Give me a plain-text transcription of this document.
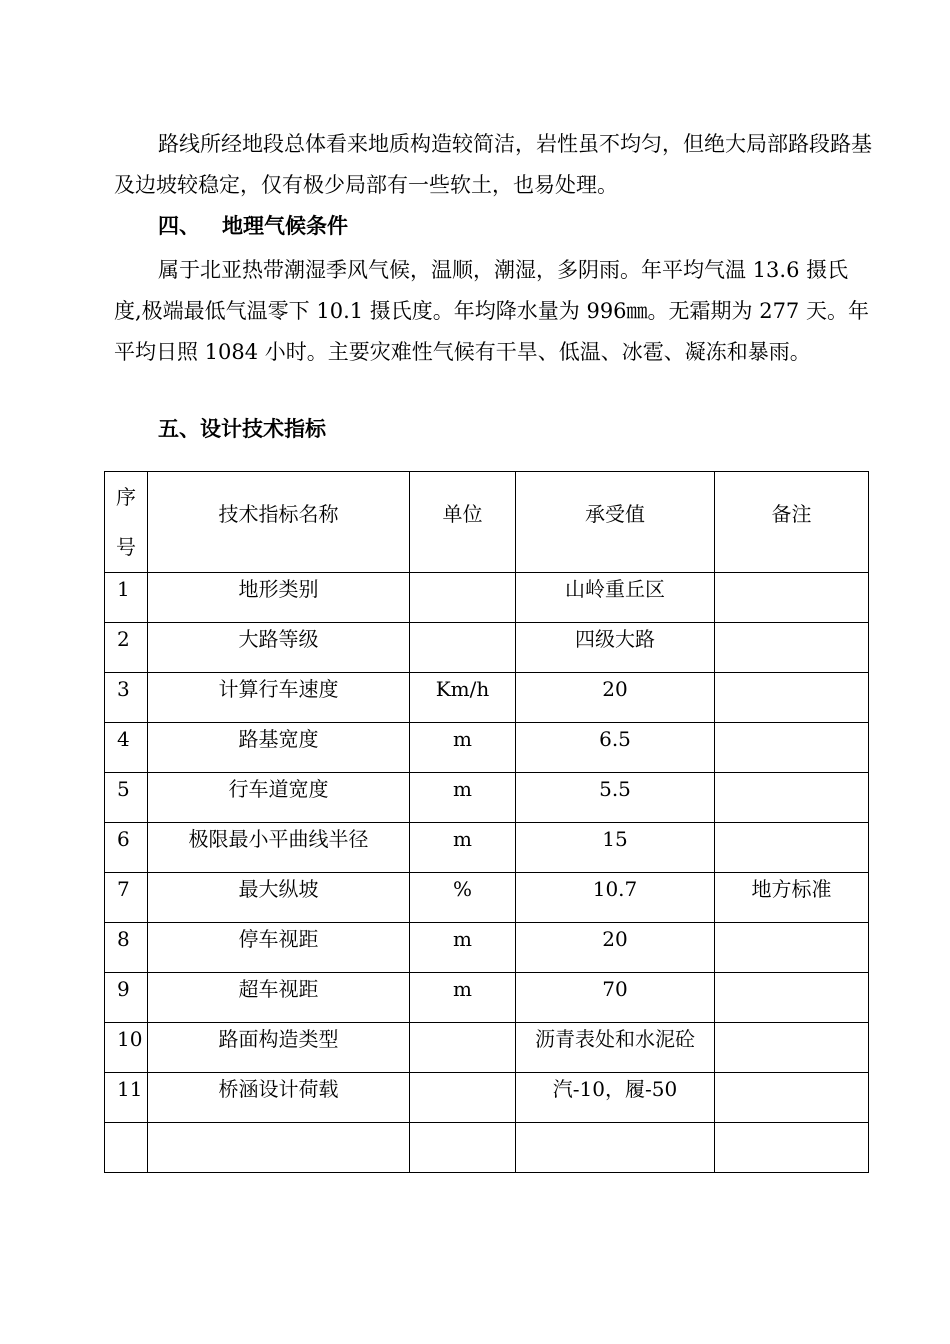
路线所经地段总体看来地质构造较简洁，岩性虽不均匀，但绝大局部路段路基及边坡较稳定，仅有极少局部有一些软土，也易处理。

四、 地理气候条件

属于北亚热带潮湿季风气候，温顺，潮湿，多阴雨。年平均气温 13.6 摄氏度,极端最低气温零下 10.1 摄氏度。年均降水量为 996㎜。无霜期为 277 天。年平均日照 1084 小时。主要灾难性气候有干旱、低温、冰雹、凝冻和暴雨。

五、设计技术指标

序
号	技术指标名称	单位	承受值	备注
1	地形类别		山岭重丘区	
2	大路等级		四级大路	
3	计算行车速度	Km/h	20	
4	路基宽度	m	6.5	
5	行车道宽度	m	5.5	
6	极限最小平曲线半径	m	15	
7	最大纵坡	%	10.7	地方标准
8	停车视距	m	20	
9	超车视距	m	70	
10	路面构造类型		沥青表处和水泥砼	
11	桥涵设计荷载		汽-10，履-50	
